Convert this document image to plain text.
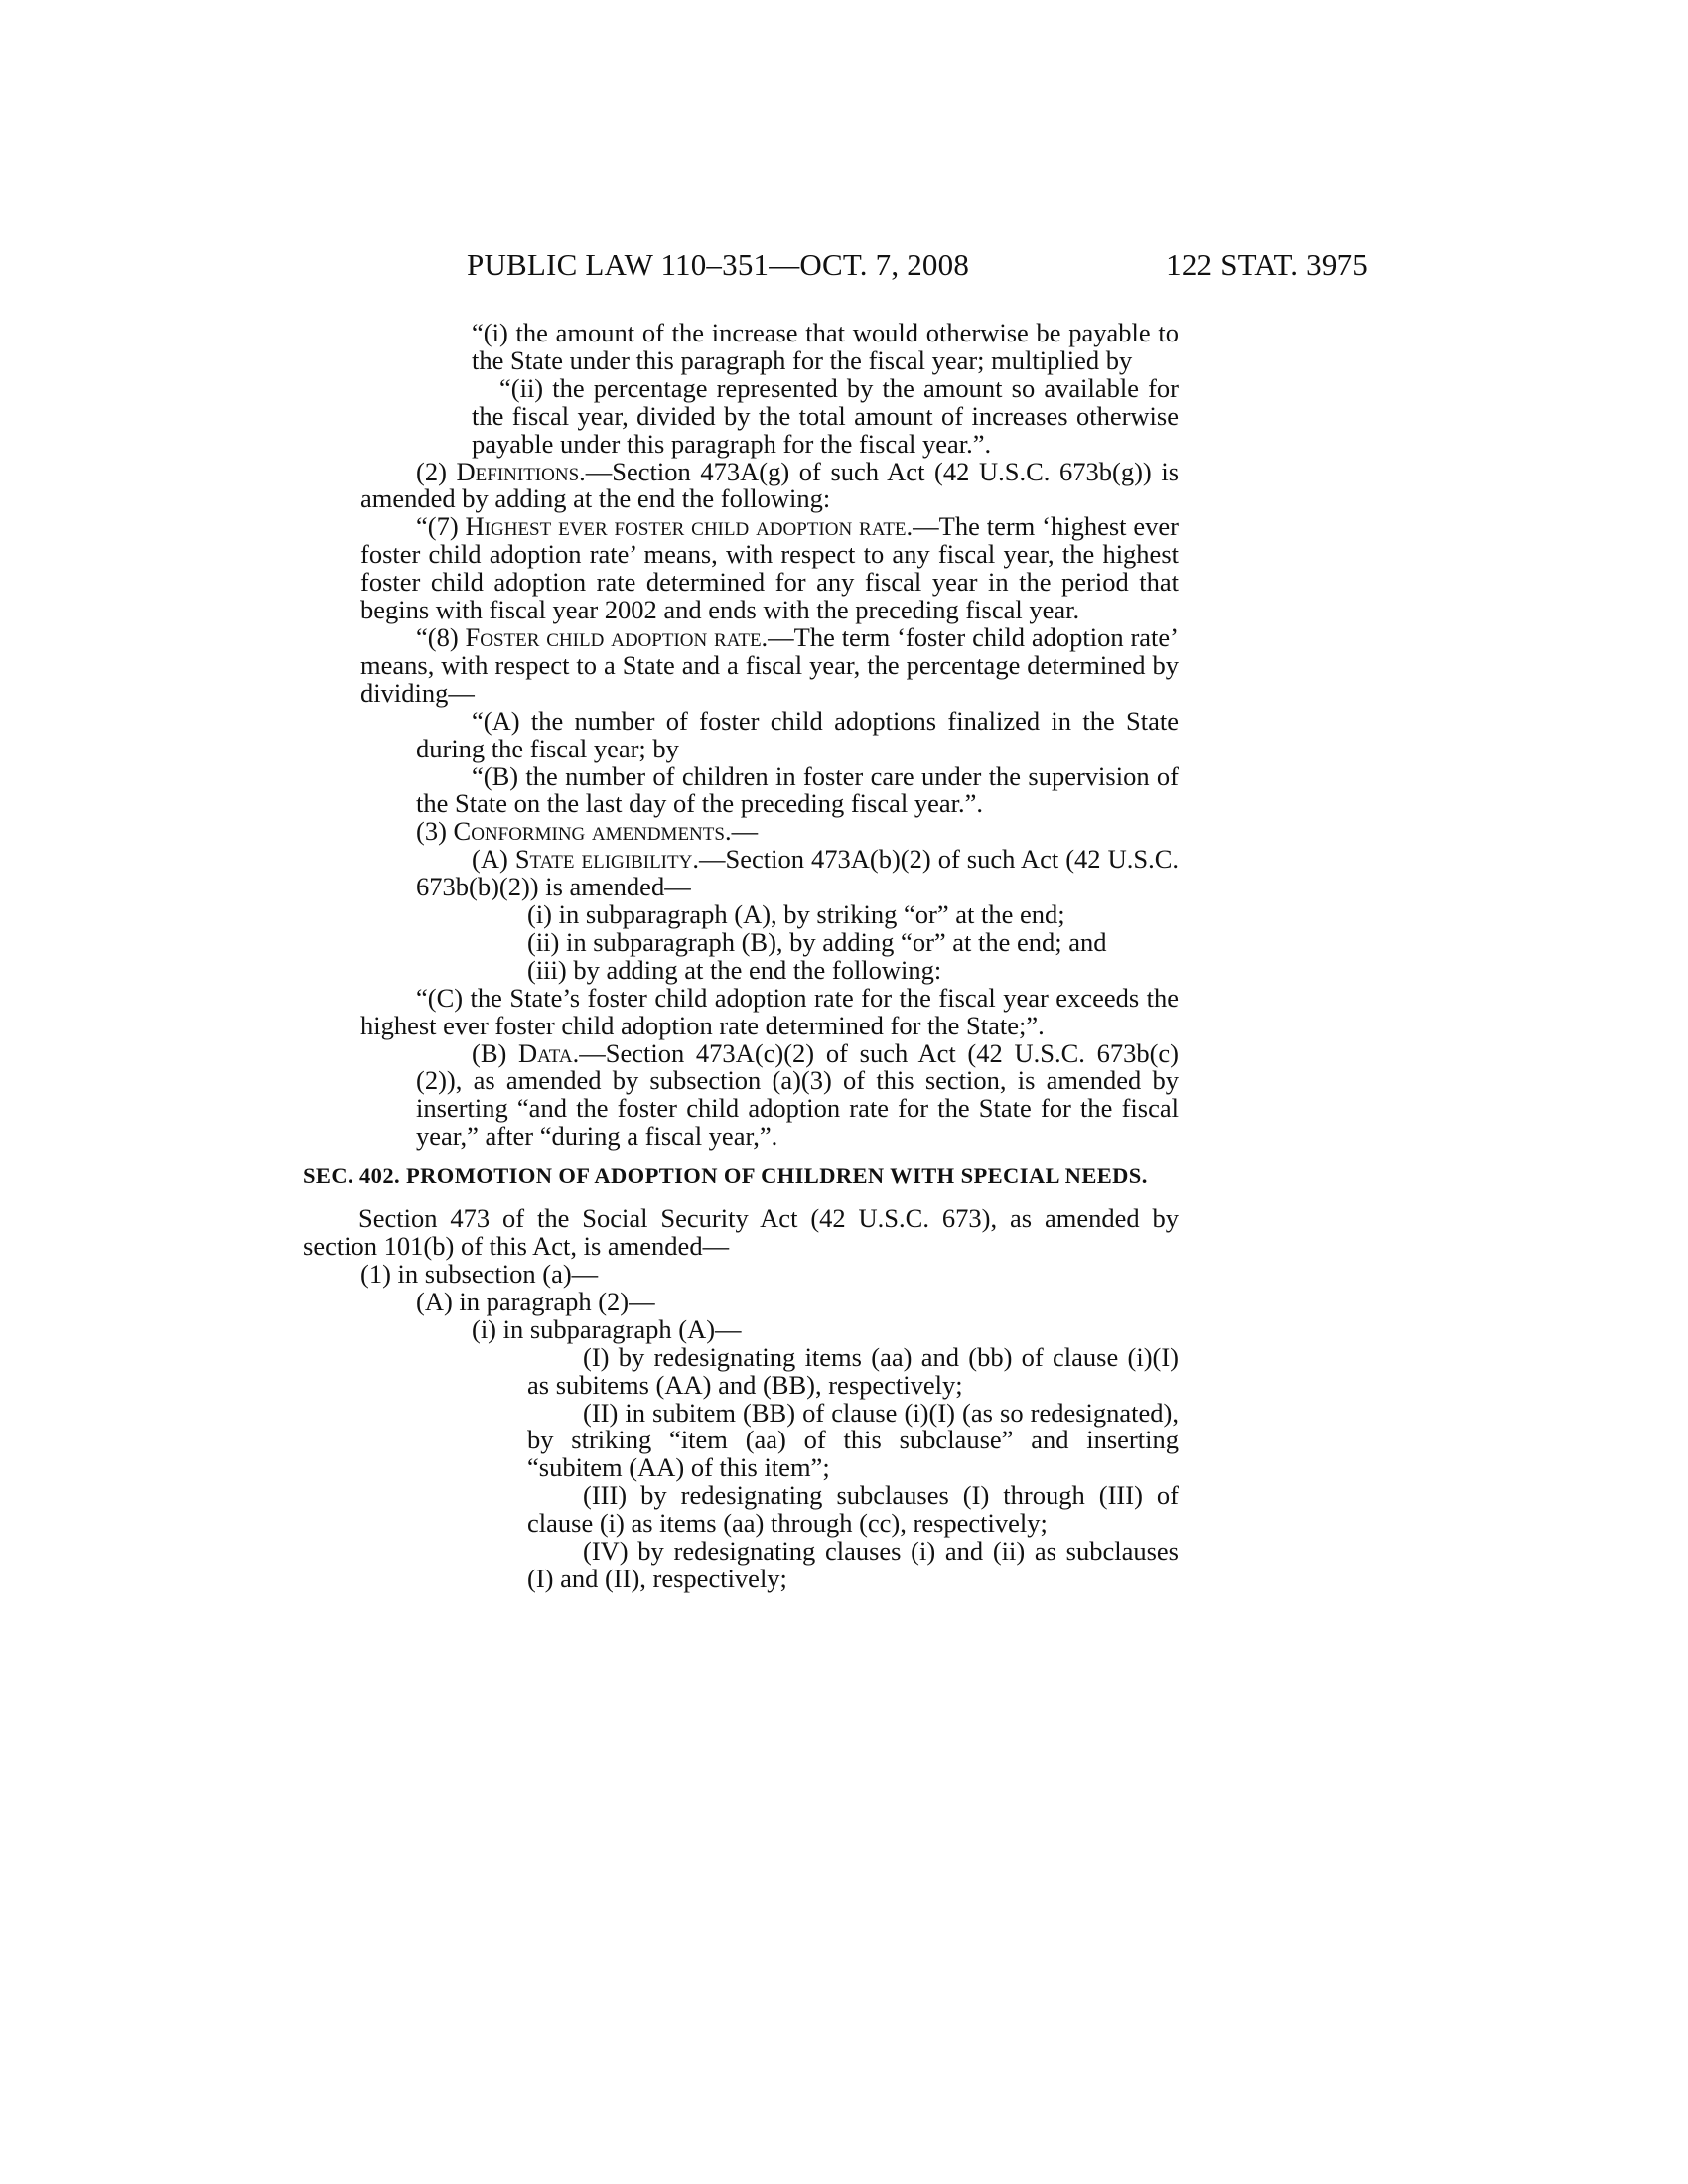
PUBLIC LAW 110–351—OCT. 7, 2008	122 STAT. 3975

“(i) the amount of the increase that would otherwise be payable to the State under this paragraph for the fiscal year; multiplied by

“(ii) the percentage represented by the amount so available for the fiscal year, divided by the total amount of increases otherwise payable under this paragraph for the fiscal year.”.

(2) Definitions.—Section 473A(g) of such Act (42 U.S.C. 673b(g)) is amended by adding at the end the following:

“(7) Highest ever foster child adoption rate.—The term ‘highest ever foster child adoption rate’ means, with respect to any fiscal year, the highest foster child adoption rate determined for any fiscal year in the period that begins with fiscal year 2002 and ends with the preceding fiscal year.

“(8) Foster child adoption rate.—The term ‘foster child adoption rate’ means, with respect to a State and a fiscal year, the percentage determined by dividing—

“(A) the number of foster child adoptions finalized in the State during the fiscal year; by

“(B) the number of children in foster care under the supervision of the State on the last day of the preceding fiscal year.”.

(3) Conforming amendments.—

(A) State eligibility.—Section 473A(b)(2) of such Act (42 U.S.C. 673b(b)(2)) is amended—

(i) in subparagraph (A), by striking “or” at the end;

(ii) in subparagraph (B), by adding “or” at the end; and

(iii) by adding at the end the following:

“(C) the State’s foster child adoption rate for the fiscal year exceeds the highest ever foster child adoption rate determined for the State;”.

(B) Data.—Section 473A(c)(2) of such Act (42 U.S.C. 673b(c)(2)), as amended by subsection (a)(3) of this section, is amended by inserting “and the foster child adoption rate for the State for the fiscal year,” after “during a fiscal year,”.

SEC. 402. PROMOTION OF ADOPTION OF CHILDREN WITH SPECIAL NEEDS.

Section 473 of the Social Security Act (42 U.S.C. 673), as amended by section 101(b) of this Act, is amended—

(1) in subsection (a)—

(A) in paragraph (2)—

(i) in subparagraph (A)—

(I) by redesignating items (aa) and (bb) of clause (i)(I) as subitems (AA) and (BB), respectively;

(II) in subitem (BB) of clause (i)(I) (as so redesignated), by striking “item (aa) of this subclause” and inserting “subitem (AA) of this item”;

(III) by redesignating subclauses (I) through (III) of clause (i) as items (aa) through (cc), respectively;

(IV) by redesignating clauses (i) and (ii) as subclauses (I) and (II), respectively;
